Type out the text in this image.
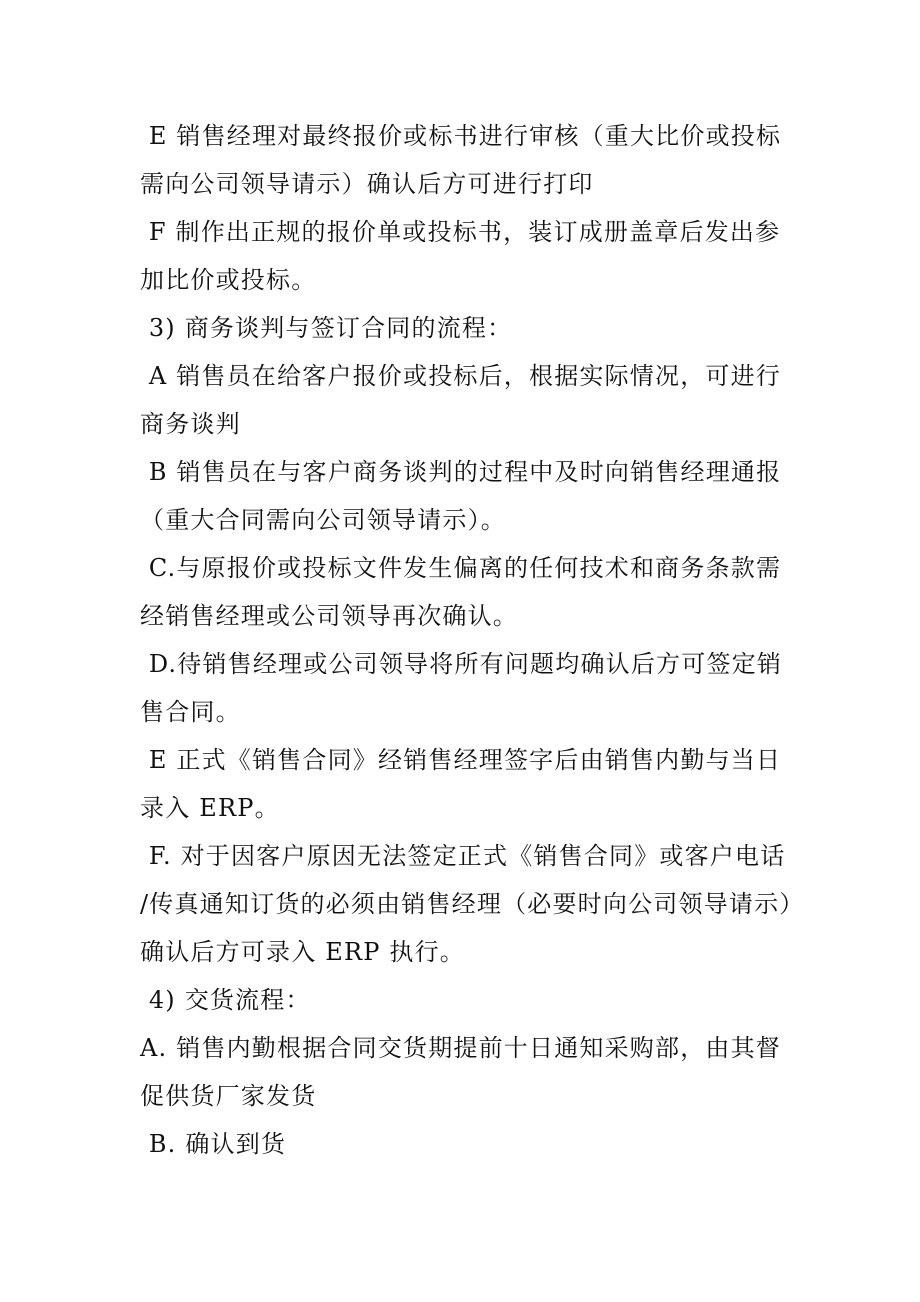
E 销售经理对最终报价或标书进行审核（重大比价或投标
需向公司领导请示）确认后方可进行打印
F 制作出正规的报价单或投标书，装订成册盖章后发出参
加比价或投标。
3) 商务谈判与签订合同的流程：
A 销售员在给客户报价或投标后，根据实际情况，可进行
商务谈判
B 销售员在与客户商务谈判的过程中及时向销售经理通报
（重大合同需向公司领导请示）。
C.与原报价或投标文件发生偏离的任何技术和商务条款需
经销售经理或公司领导再次确认。
D.待销售经理或公司领导将所有问题均确认后方可签定销
售合同。
E 正式《销售合同》经销售经理签字后由销售内勤与当日
录入 ERP。
F. 对于因客户原因无法签定正式《销售合同》或客户电话
/传真通知订货的必须由销售经理（必要时向公司领导请示）
确认后方可录入 ERP 执行。
4) 交货流程：
A. 销售内勤根据合同交货期提前十日通知采购部，由其督
促供货厂家发货
B. 确认到货
